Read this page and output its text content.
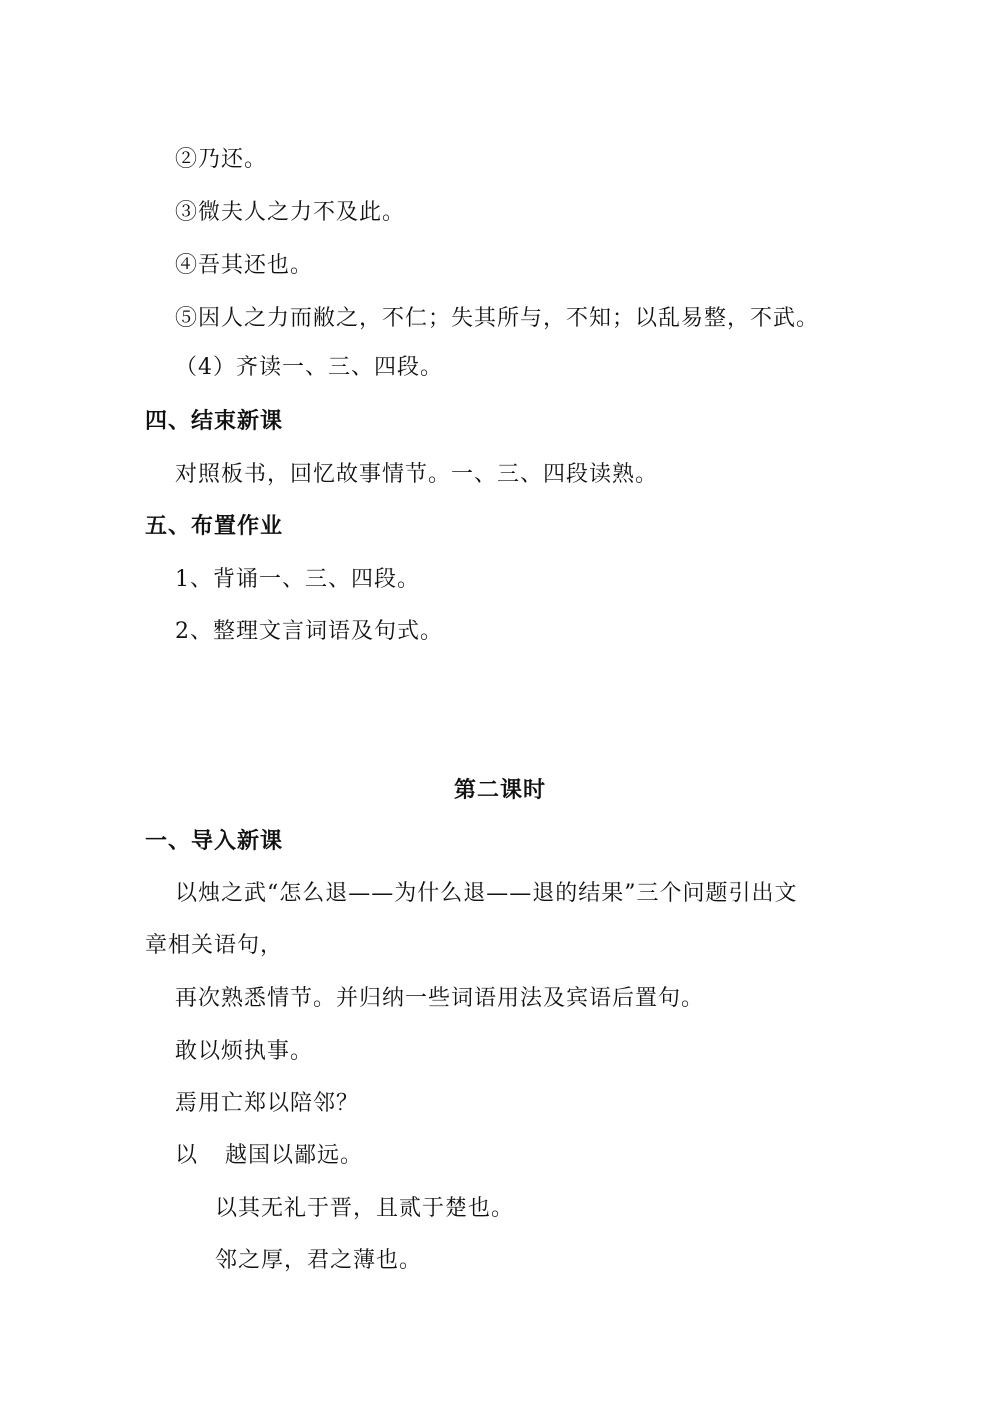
②乃还。
③微夫人之力不及此。
④吾其还也。
⑤因人之力而敝之，不仁；失其所与，不知；以乱易整，不武。
（4）齐读一、三、四段。
四、结束新课
对照板书，回忆故事情节。一、三、四段读熟。
五、布置作业
1、背诵一、三、四段。
2、整理文言词语及句式。
第二课时
一、导入新课
以烛之武“怎么退——为什么退——退的结果”三个问题引出文
章相关语句，
再次熟悉情节。并归纳一些词语用法及宾语后置句。
敢以烦执事。
焉用亡郑以陪邻？
以 越国以鄙远。
以其无礼于晋，且贰于楚也。
邻之厚，君之薄也。
